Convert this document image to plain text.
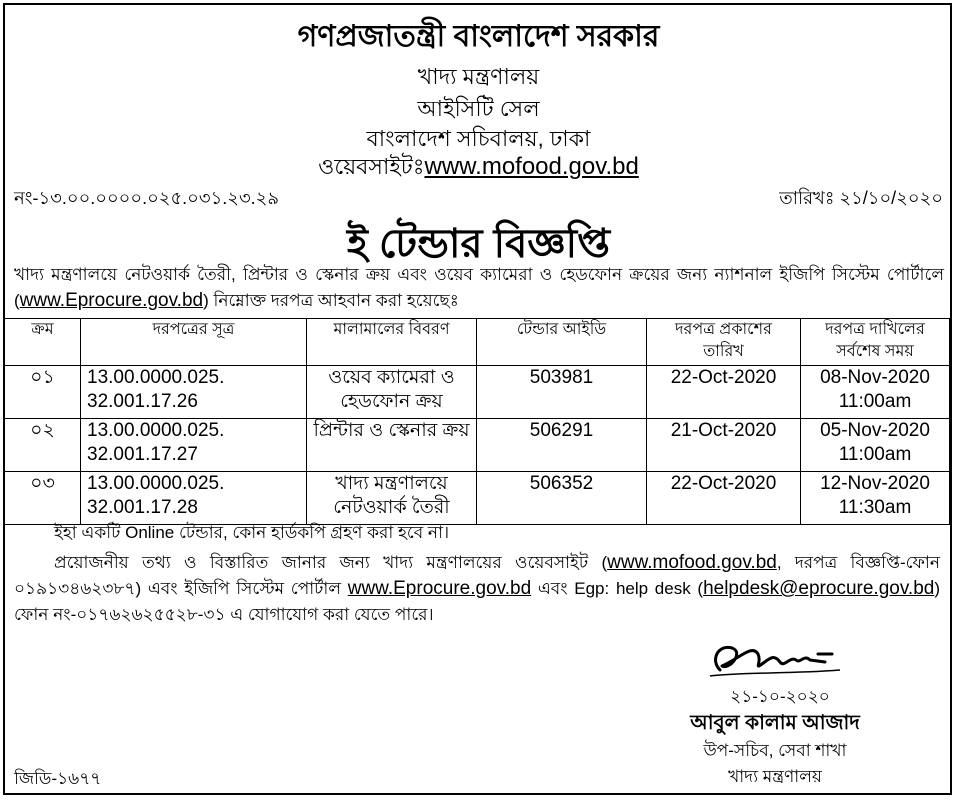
গণপ্রজাতন্ত্রী বাংলাদেশ সরকার
খাদ্য মন্ত্রণালয়
আইসিটি সেল
বাংলাদেশ সচিবালয়, ঢাকা
ওয়েবসাইটঃwww.mofood.gov.bd
নং-১৩.০০.০০০০.০২৫.০৩১.২৩.২৯	তারিখঃ ২১/১০/২০২০
ই টেন্ডার বিজ্ঞপ্তি
খাদ্য মন্ত্রণালয়ে নেটওয়ার্ক তৈরী, প্রিন্টার ও স্কেনার ক্রয় এবং ওয়েব ক্যামেরা ও হেডফোন ক্রয়ের জন্য ন্যাশনাল ইজিপি সিস্টেম পোর্টালে (www.Eprocure.gov.bd) নিম্নোক্ত দরপত্র আহবান করা হয়েছেঃ
ক্রম	দরপত্রের সূত্র	মালামালের বিবরণ	টেন্ডার আইডি	দরপত্র প্রকাশের তারিখ	দরপত্র দাখিলের সর্বশেষ সময়
০১	13.00.0000.025. 32.001.17.26	ওয়েব ক্যামেরা ও হেডফোন ক্রয়	503981	22-Oct-2020	08-Nov-2020 11:00am
০২	13.00.0000.025. 32.001.17.27	প্রিন্টার ও স্কেনার ক্রয়	506291	21-Oct-2020	05-Nov-2020 11:00am
০৩	13.00.0000.025. 32.001.17.28	খাদ্য মন্ত্রণালয়ে নেটওয়ার্ক তৈরী	506352	22-Oct-2020	12-Nov-2020 11:30am
ইহা একটি Online টেন্ডার, কোন হার্ডকপি গ্রহণ করা হবে না।
প্রয়োজনীয় তথ্য ও বিস্তারিত জানার জন্য খাদ্য মন্ত্রণালয়ের ওয়েবসাইট (www.mofood.gov.bd, দরপত্র বিজ্ঞপ্তি-ফোন ০১৯১৩৪৬২৩৮৭) এবং ইজিপি সিস্টেম পোর্টাল www.Eprocure.gov.bd এবং Egp: help desk (helpdesk@eprocure.gov.bd) ফোন নং-০১৭৬২৬২৫৫২৮-৩১ এ যোগাযোগ করা যেতে পারে।
২১-১০-২০২০
আবুল কালাম আজাদ
উপ-সচিব, সেবা শাখা
খাদ্য মন্ত্রণালয়
জিডি-১৬৭৭
